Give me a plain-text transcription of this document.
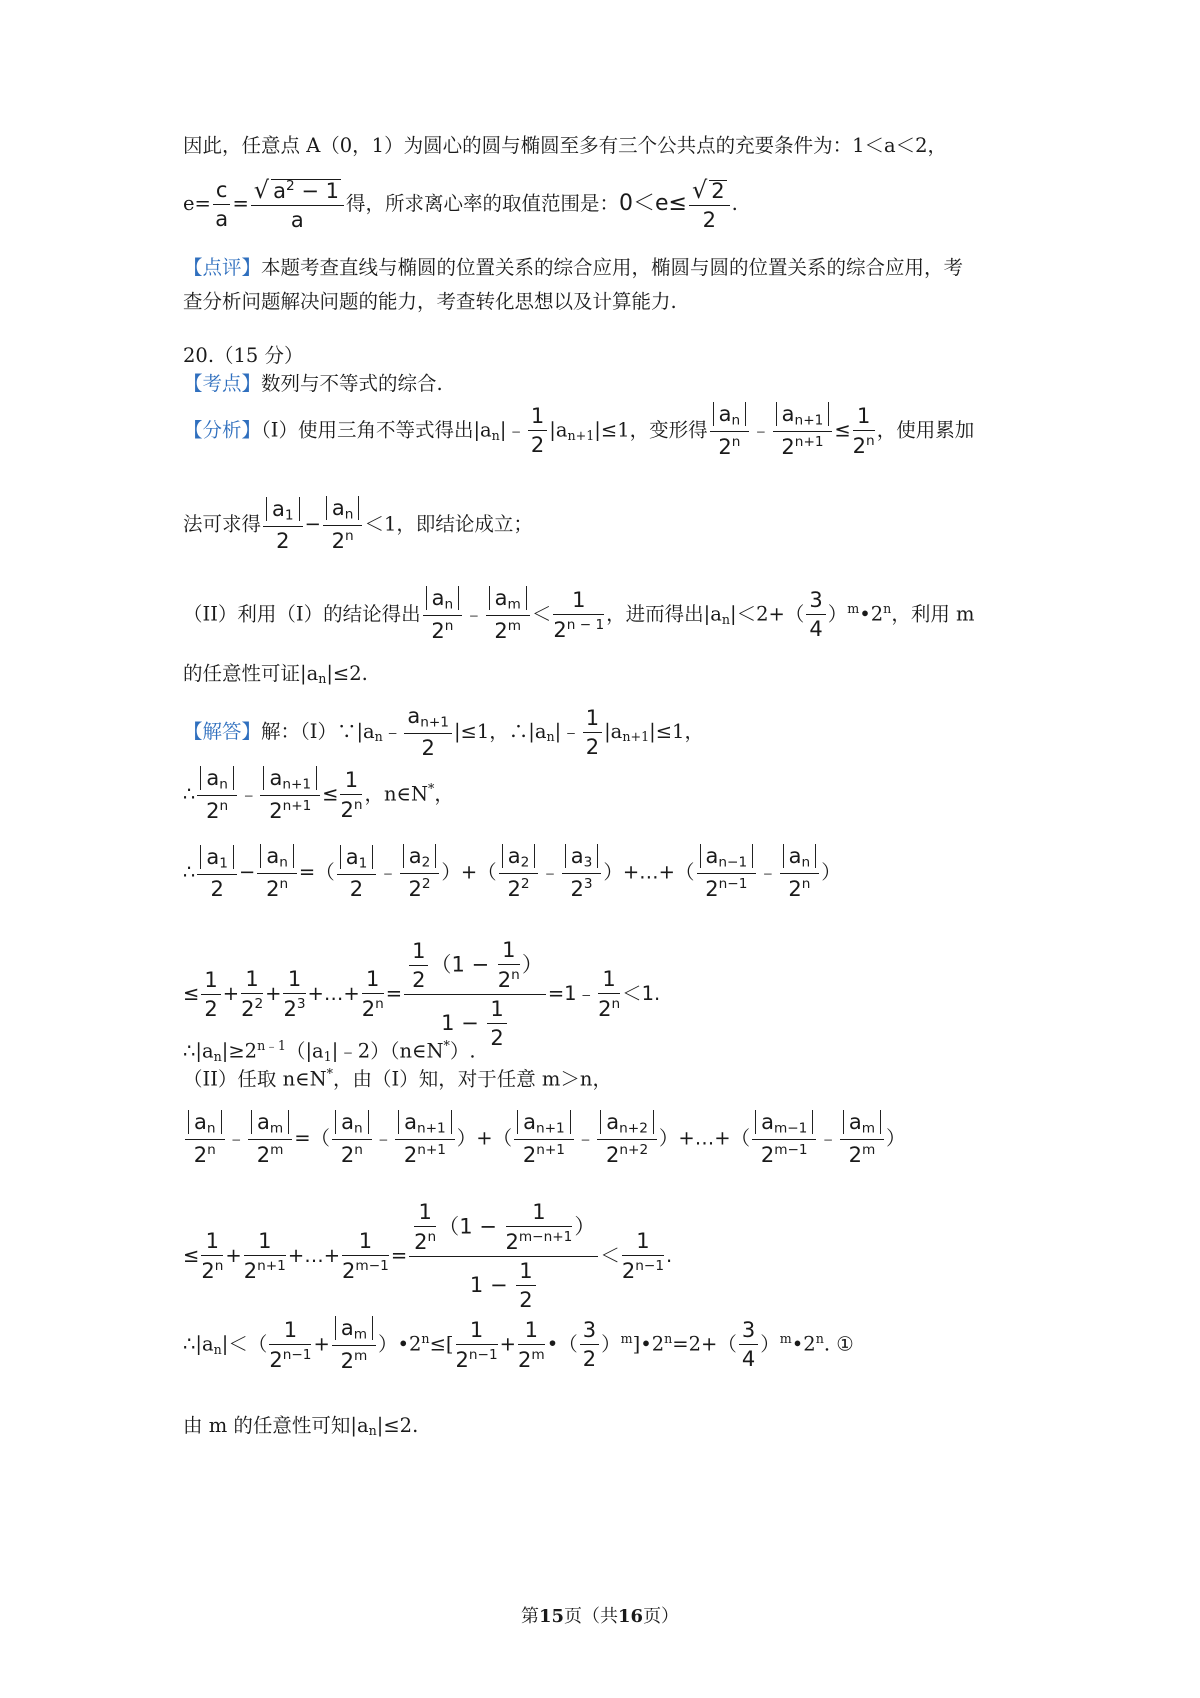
因此，任意点 A（0，1）为圆心的圆与椭圆至多有三个公共点的充要条件为：1＜a＜2，
$e= \frac{c}{a} = \frac{√ a^2 - 1}{a}$ 得，所求离心率的取值范围是：$0<e\le \frac{√ 2}{2}$ .
【点评】本题考查直线与椭圆的位置关系的综合应用，椭圆与圆的位置关系的综合应用，考
查分析问题解决问题的能力，考查转化思想以及计算能力.
20.（15 分）
【考点】数列与不等式的综合.
【分析】（I）使用三角不等式得出$|a_n|﹣ \frac{1}{2} |a_{n+1}|\le 1$，变形得 $\frac{a_n}{2^n}$ ﹣ $\frac{a_{n+1}}{2^{n+1}} \le \frac{1}{2^n}$ ，使用累加
法可求得 $\frac{a_1}{2} - \frac{a_n}{2^n} <1$，即结论成立；
（II）利用（I）的结论得出 $\frac{a_n}{2^n}$ ﹣ $\frac{a_m}{2^m} < \frac{1}{2^{n - 1}}$ ，进而得出$|a_n|<2+( \frac{3}{4}$ ）$^m•2^n$，利用 m
的任意性可证$|a_n|\le 2$.
【解答】解：$(I)\because|a_n﹣ \frac{a_{n+1}}{2} |\le 1$，$\therefore|a_n|﹣ \frac{1}{2} |a_{n+1}|\le 1$，
∴ $\frac{a_n}{2^n}$ ﹣ $\frac{a_{n+1}}{2^{n+1}} \le \frac{1}{2^n}$ ，n∈N*，
∴ $\frac{a_1}{2} - \frac{a_n}{2^n}$ =（ $\frac{a_1}{2}$ ﹣ $\frac{a_2}{2^2}$ ）+（ $\frac{a_2}{2^2}$ ﹣ $\frac{a_3}{2^3}$ ）+…+（ $\frac{a_{n-1}}{2^{n-1}}$ ﹣ $\frac{a_n}{2^n}$ ）
≤ $\frac{1}{2} + \frac{1}{2^2} + \frac{1}{2^3}$ +…+ $\frac{1}{2^n} = \frac{\frac{1}{2} (1 - \frac{1}{2^n} )}{1 - \frac{1}{2}}$ =1﹣ $\frac{1}{2^n} <1$.
$\therefore|a_n|\ge 2^{n﹣1}(|a_1|﹣2)(n\in N^*)$.
（II）任取 n∈N*，由（I）知，对于任意 m＞n，
$\frac{a_n}{2^n}$ ﹣ $\frac{a_m}{2^m}$ =（ $\frac{a_n}{2^n}$ ﹣ $\frac{a_{n+1}}{2^{n+1}}$ ）+（ $\frac{a_{n+1}}{2^{n+1}}$ ﹣ $\frac{a_{n+2}}{2^{n+2}}$ ）+…+（ $\frac{a_{m-1}}{2^{m-1}}$ ﹣ $\frac{a_m}{2^m}$ ）
≤ $\frac{1}{2^n} + \frac{1}{2^{n+1}}$ +…+ $\frac{1}{2^{m-1}} = \frac{\frac{1}{2^n} (1 - \frac{1}{2^{m-n+1}} )}{1 - \frac{1}{2}} < \frac{1}{2^{n-1}}$ .
$\therefore|a_n|<( \frac{1}{2^{n-1}} + \frac{a_m}{2^m}$ ）$•2^n\le[ \frac{1}{2^{n-1}} + \frac{1}{2^m}$ •（ $\frac{3}{2}$ ）$^m]•2^n=2+( \frac{3}{4}$ ）$^m$•2$^n$. ①
由 m 的任意性可知$|a_n|\le 2$.
第15页（共16页）
